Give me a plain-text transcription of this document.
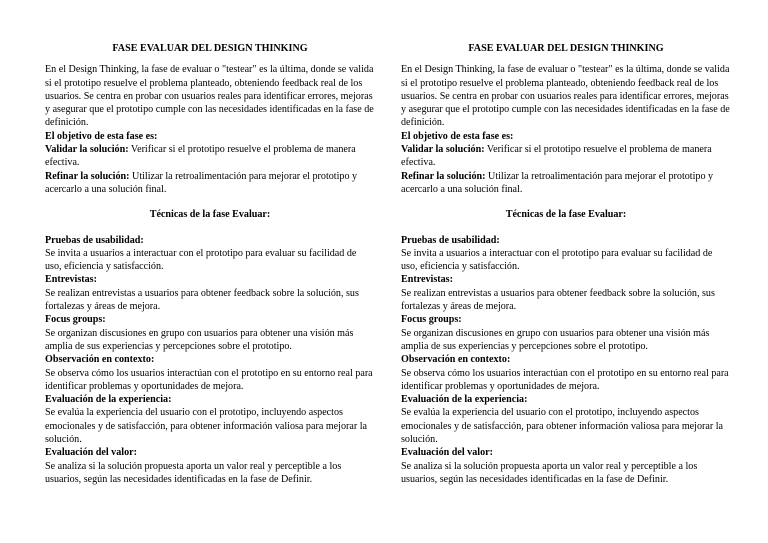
FASE EVALUAR DEL DESIGN THINKING

En el Design Thinking, la fase de evaluar o "testear" es la última, donde se valida si el prototipo resuelve el problema planteado, obteniendo feedback real de los usuarios. Se centra en probar con usuarios reales para identificar errores, mejoras y asegurar que el prototipo cumple con las necesidades identificadas en la fase de definición.

El objetivo de esta fase es:

Validar la solución: Verificar si el prototipo resuelve el problema de manera efectiva.

Refinar la solución: Utilizar la retroalimentación para mejorar el prototipo y acercarlo a una solución final.

Técnicas de la fase Evaluar:

Pruebas de usabilidad:

Se invita a usuarios a interactuar con el prototipo para evaluar su facilidad de uso, eficiencia y satisfacción.

Entrevistas:

Se realizan entrevistas a usuarios para obtener feedback sobre la solución, sus fortalezas y áreas de mejora.

Focus groups:

Se organizan discusiones en grupo con usuarios para obtener una visión más amplia de sus experiencias y percepciones sobre el prototipo.

Observación en contexto:

Se observa cómo los usuarios interactúan con el prototipo en su entorno real para identificar problemas y oportunidades de mejora.

Evaluación de la experiencia:

Se evalúa la experiencia del usuario con el prototipo, incluyendo aspectos emocionales y de satisfacción, para obtener información valiosa para mejorar la solución.

Evaluación del valor:

Se analiza si la solución propuesta aporta un valor real y perceptible a los usuarios, según las necesidades identificadas en la fase de Definir.

FASE EVALUAR DEL DESIGN THINKING

En el Design Thinking, la fase de evaluar o "testear" es la última, donde se valida si el prototipo resuelve el problema planteado, obteniendo feedback real de los usuarios. Se centra en probar con usuarios reales para identificar errores, mejoras y asegurar que el prototipo cumple con las necesidades identificadas en la fase de definición.

El objetivo de esta fase es:

Validar la solución: Verificar si el prototipo resuelve el problema de manera efectiva.

Refinar la solución: Utilizar la retroalimentación para mejorar el prototipo y acercarlo a una solución final.

Técnicas de la fase Evaluar:

Pruebas de usabilidad:

Se invita a usuarios a interactuar con el prototipo para evaluar su facilidad de uso, eficiencia y satisfacción.

Entrevistas:

Se realizan entrevistas a usuarios para obtener feedback sobre la solución, sus fortalezas y áreas de mejora.

Focus groups:

Se organizan discusiones en grupo con usuarios para obtener una visión más amplia de sus experiencias y percepciones sobre el prototipo.

Observación en contexto:

Se observa cómo los usuarios interactúan con el prototipo en su entorno real para identificar problemas y oportunidades de mejora.

Evaluación de la experiencia:

Se evalúa la experiencia del usuario con el prototipo, incluyendo aspectos emocionales y de satisfacción, para obtener información valiosa para mejorar la solución.

Evaluación del valor:

Se analiza si la solución propuesta aporta un valor real y perceptible a los usuarios, según las necesidades identificadas en la fase de Definir.
